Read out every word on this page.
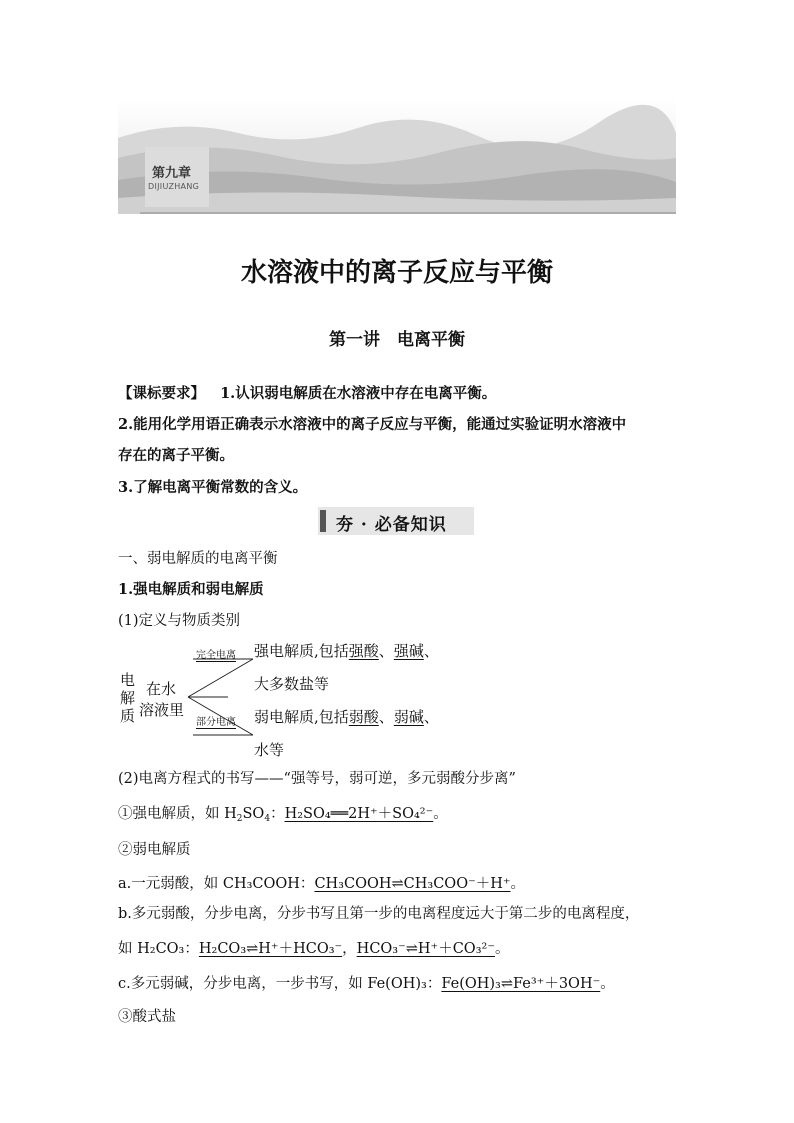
第九章
DIJIUZHANG
水溶液中的离子反应与平衡
第一讲　电离平衡
【课标要求】 1.认识弱电解质在水溶液中存在电离平衡。
2.能用化学用语正确表示水溶液中的离子反应与平衡，能通过实验证明水溶液中
存在的离子平衡。
3.了解电离平衡常数的含义。
夯 · 必备知识
一、弱电解质的电离平衡
1.强电解质和弱电解质
(1)定义与物质类别
电
解
质
在水
溶液里
完全电离
部分电离
强电解质,包括强酸、强碱、
大多数盐等
弱电解质,包括弱酸、弱碱、
水等
(2)电离方程式的书写——“强等号，弱可逆，多元弱酸分步离”
①强电解质，如 $H_2SO_4$：H₂SO₄══2H⁺＋SO₄²⁻。
②弱电解质
a.一元弱酸，如 CH₃COOH：CH₃COOH⇌CH₃COO⁻＋H⁺。
b.多元弱酸，分步电离，分步书写且第一步的电离程度远大于第二步的电离程度，
如 H₂CO₃：H₂CO₃⇌H⁺＋HCO₃⁻，HCO₃⁻⇌H⁺＋CO₃²⁻。
c.多元弱碱，分步电离，一步书写，如 Fe(OH)₃：Fe(OH)₃⇌Fe³⁺＋3OH⁻。
③酸式盐
